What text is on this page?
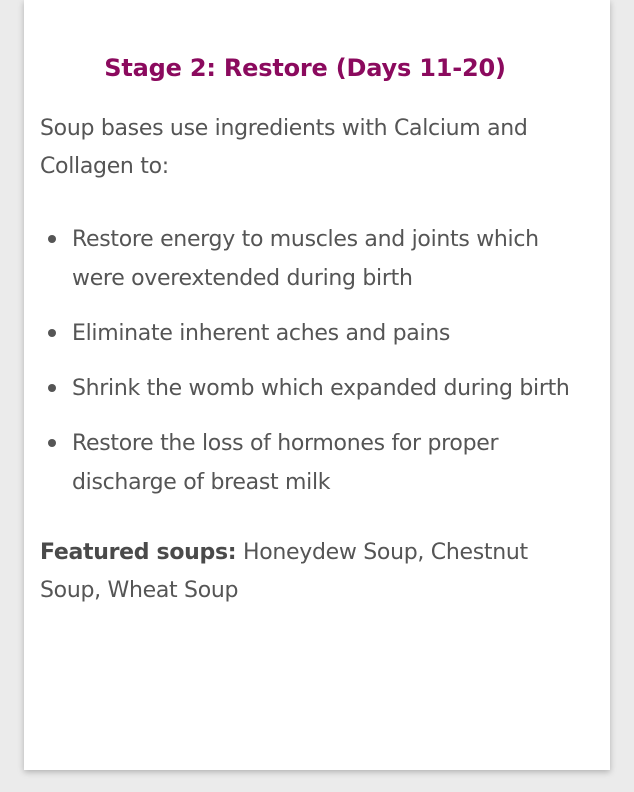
Stage 2: Restore (Days 11-20)

Soup bases use ingredients with Calcium and Collagen to:

Restore energy to muscles and joints which were overextended during birth
Eliminate inherent aches and pains
Shrink the womb which expanded during birth
Restore the loss of hormones for proper discharge of breast milk

Featured soups: Honeydew Soup, Chestnut Soup, Wheat Soup
